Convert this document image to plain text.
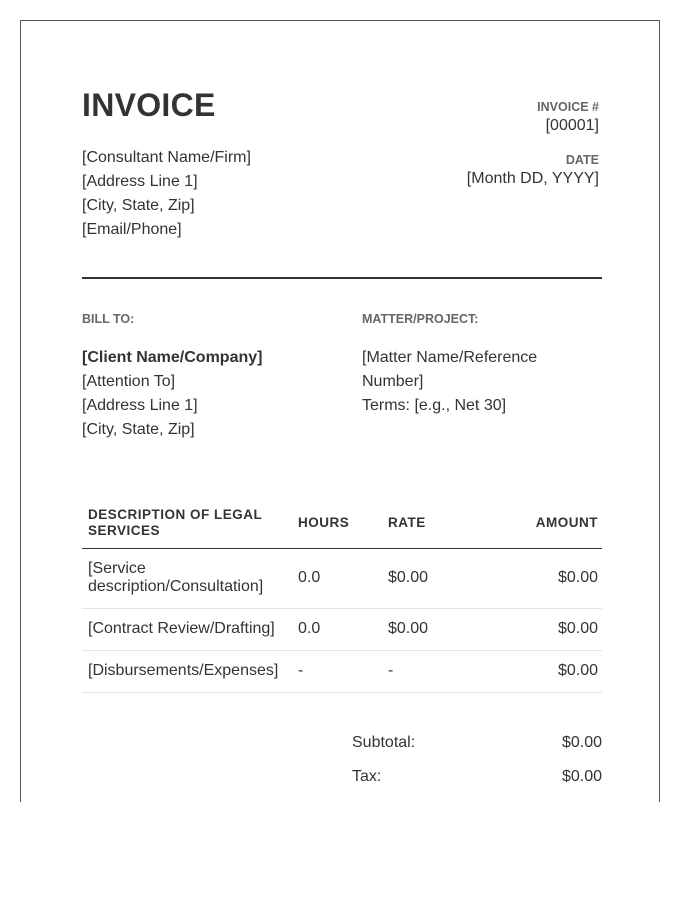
INVOICE
[Consultant Name/Firm]
[Address Line 1]
[City, State, Zip]
[Email/Phone]
INVOICE #
[00001]
DATE
[Month DD, YYYY]
BILL TO:
[Client Name/Company]
[Attention To]
[Address Line 1]
[City, State, Zip]
MATTER/PROJECT:
[Matter Name/Reference Number]
Terms: [e.g., Net 30]
DESCRIPTION OF LEGAL SERVICES	HOURS	RATE	AMOUNT
[Service description/Consultation]	0.0	$0.00	$0.00
[Contract Review/Drafting]	0.0	$0.00	$0.00
[Disbursements/Expenses]	-	-	$0.00
Subtotal:	$0.00
Tax:	$0.00
